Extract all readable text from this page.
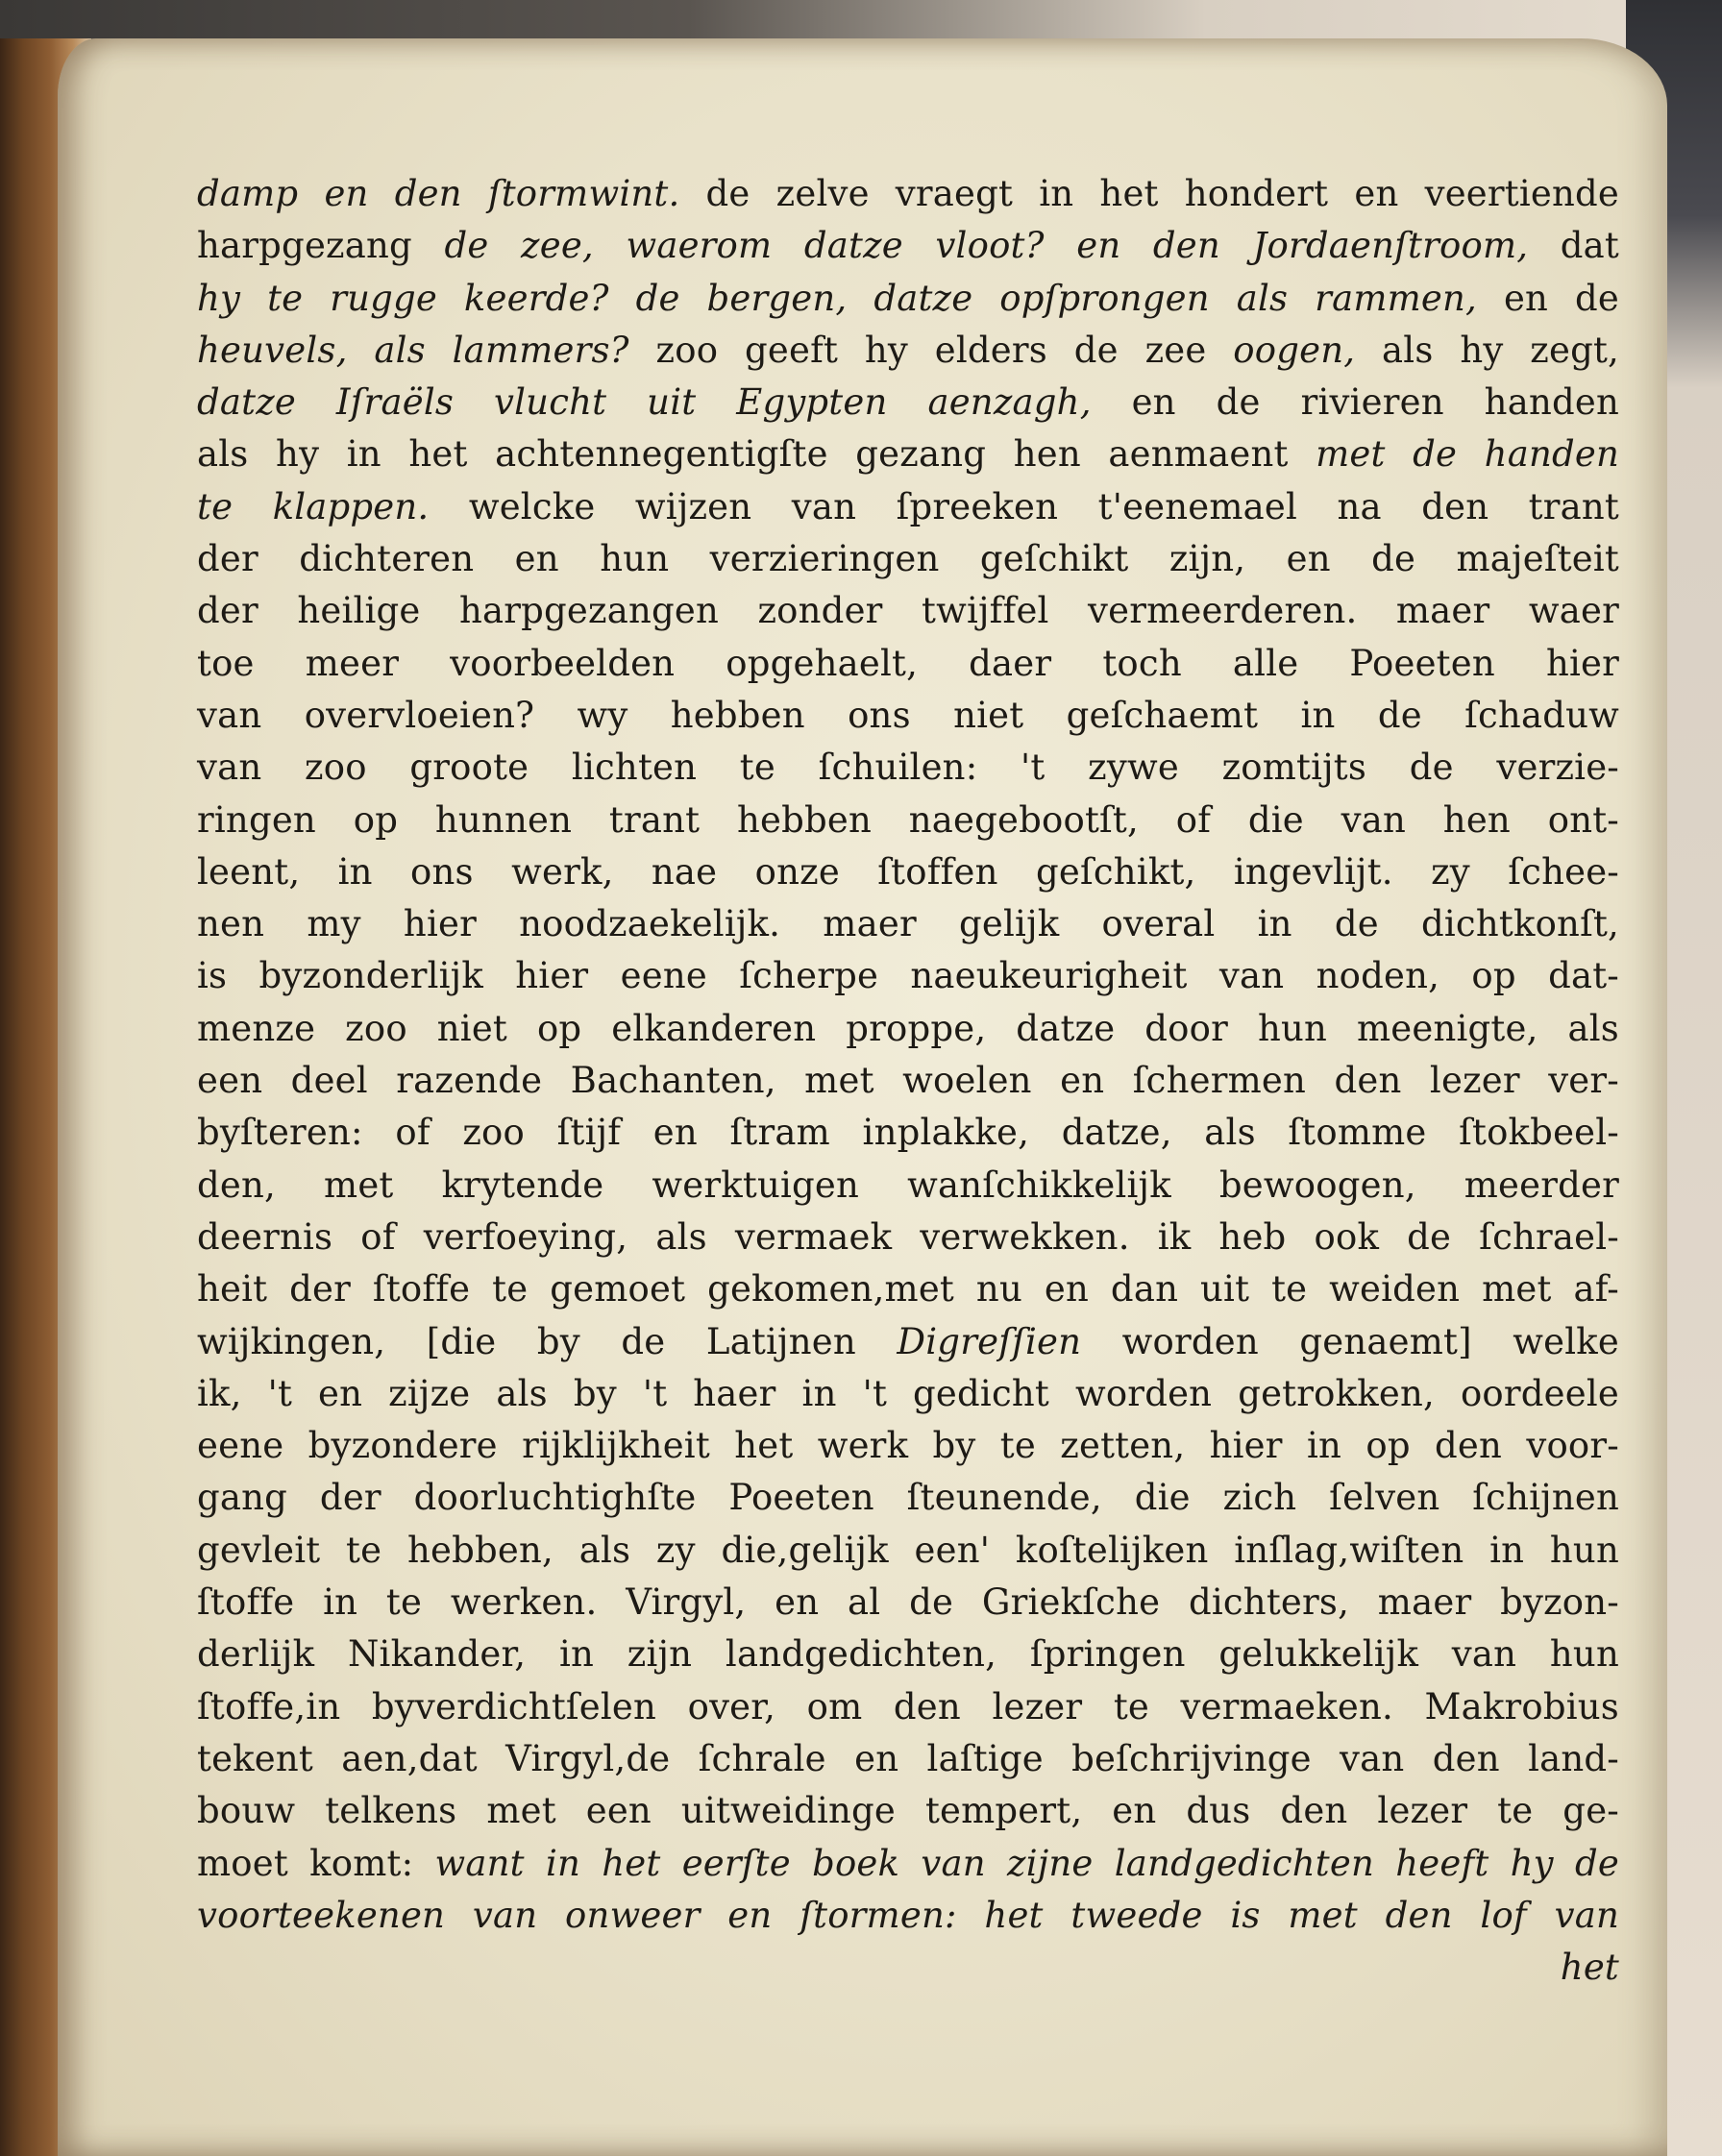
damp en den ſtormwint. de zelve vraegt in het hondert en veertiende
harpgezang de zee, waerom datze vloot? en den Jordaenſtroom, dat
hy te rugge keerde? de bergen, datze opſprongen als rammen, en de
heuvels, als lammers? zoo geeft hy elders de zee oogen, als hy zegt,
datze Iſraëls vlucht uit Egypten aenzagh, en de rivieren handen
als hy in het achtennegentigſte gezang hen aenmaent met de handen
te klappen. welcke wijzen van ſpreeken t'eenemael na den trant
der dichteren en hun verzieringen geſchikt zijn, en de majeſteit
der heilige harpgezangen zonder twijffel vermeerderen. maer waer
toe meer voorbeelden opgehaelt, daer toch alle Poeeten hier
van overvloeien? wy hebben ons niet geſchaemt in de ſchaduw
van zoo groote lichten te ſchuilen: 't zywe zomtijts de verzie-
ringen op hunnen trant hebben naegebootſt, of die van hen ont-
leent, in ons werk, nae onze ſtoffen geſchikt, ingevlijt. zy ſchee-
nen my hier noodzaekelijk. maer gelijk overal in de dichtkonſt,
is byzonderlijk hier eene ſcherpe naeukeurigheit van noden, op dat-
menze zoo niet op elkanderen proppe, datze door hun meenigte, als
een deel razende Bachanten, met woelen en ſchermen den lezer ver-
byſteren: of zoo ſtijf en ſtram inplakke, datze, als ſtomme ſtokbeel-
den, met krytende werktuigen wanſchikkelijk bewoogen, meerder
deernis of verfoeying, als vermaek verwekken. ik heb ook de ſchrael-
heit der ſtoffe te gemoet gekomen,met nu en dan uit te weiden met af-
wijkingen, [die by de Latijnen Digreſſien worden genaemt] welke
ik, 't en zijze als by 't haer in 't gedicht worden getrokken, oordeele
eene byzondere rijklijkheit het werk by te zetten, hier in op den voor-
gang der doorluchtighſte Poeeten ſteunende, die zich ſelven ſchijnen
gevleit te hebben, als zy die,gelijk een' koſtelijken inſlag,wiſten in hun
ſtoffe in te werken. Virgyl, en al de Griekſche dichters, maer byzon-
derlijk Nikander, in zijn landgedichten, ſpringen gelukkelijk van hun
ſtoffe,in byverdichtſelen over, om den lezer te vermaeken. Makrobius
tekent aen,dat Virgyl,de ſchrale en laſtige beſchrijvinge van den land-
bouw telkens met een uitweidinge tempert, en dus den lezer te ge-
moet komt: want in het eerſte boek van zijne landgedichten heeft hy de
voorteekenen van onweer en ſtormen: het tweede is met den lof van
het
